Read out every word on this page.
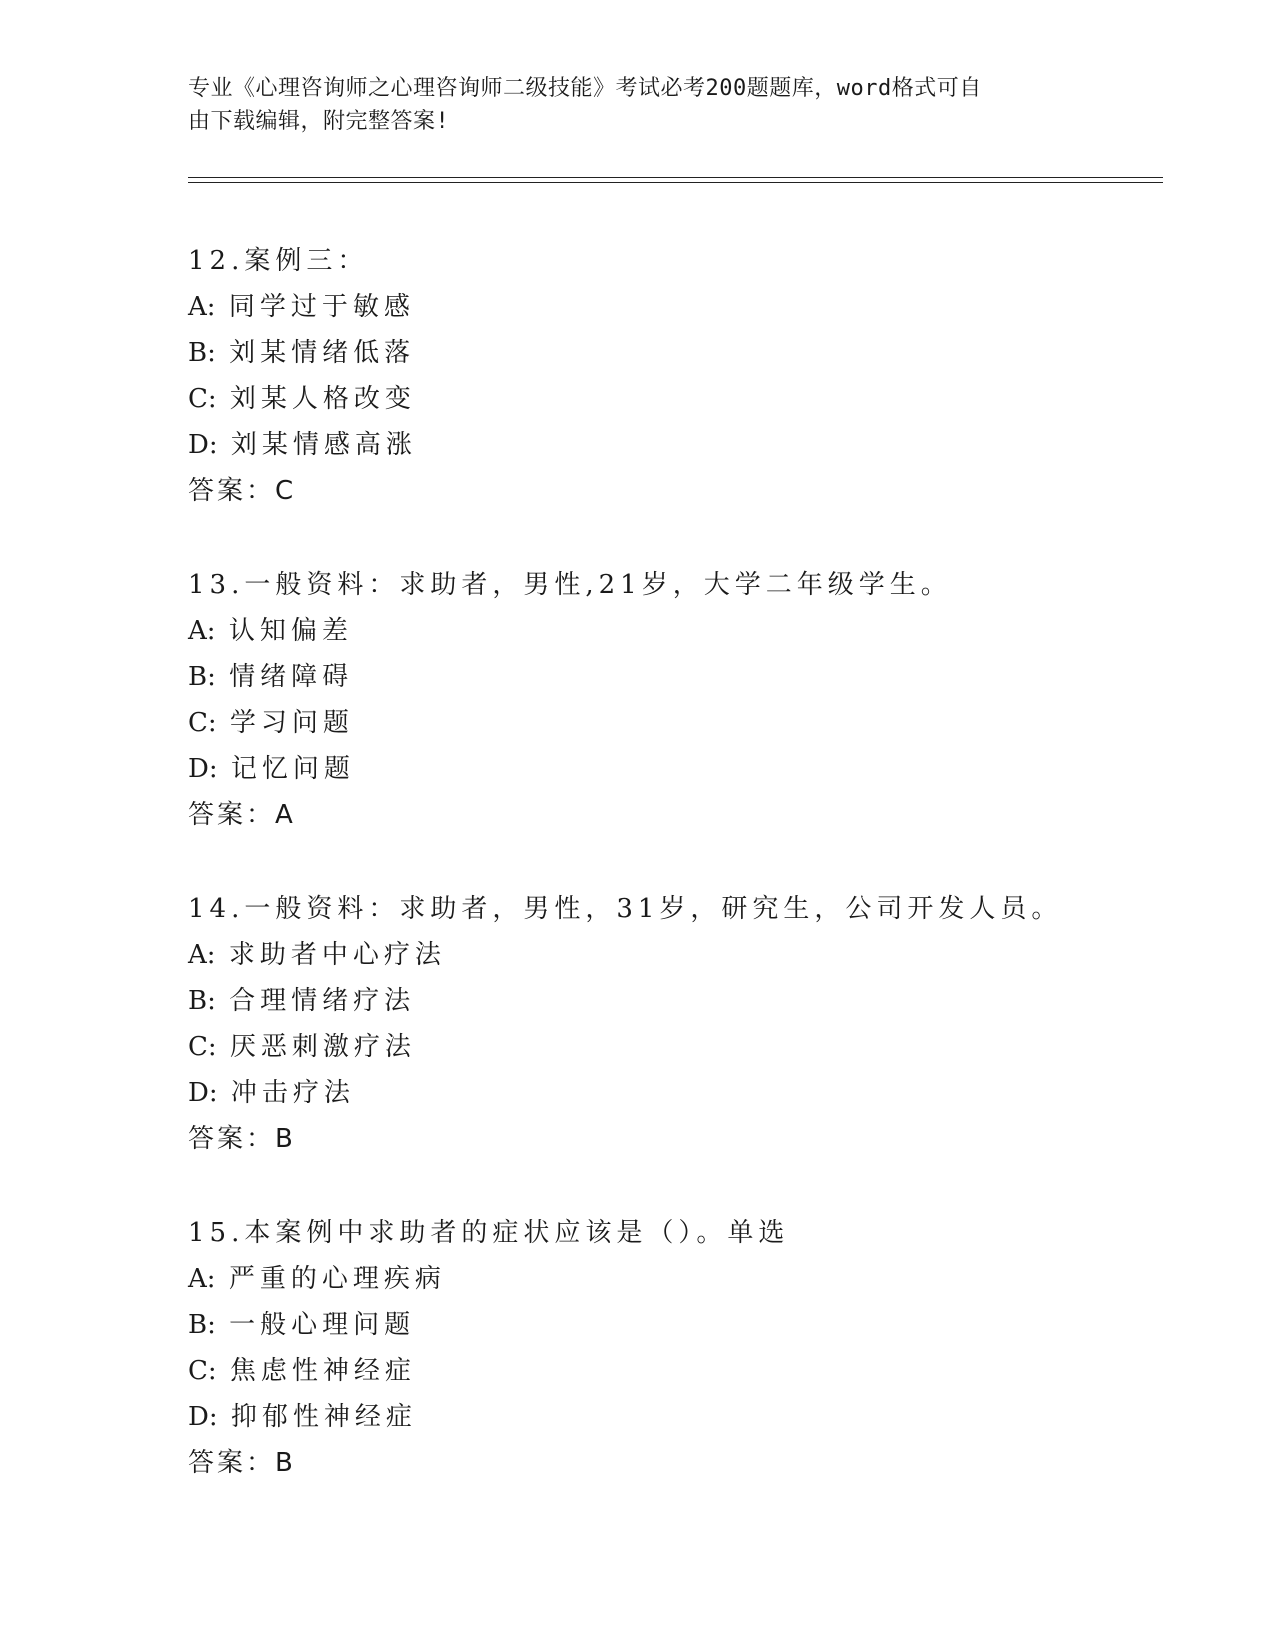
专业《心理咨询师之心理咨询师二级技能》考试必考200题题库，word格式可自
由下载编辑，附完整答案!
12.案例三：
A: 同学过于敏感
B: 刘某情绪低落
C: 刘某人格改变
D: 刘某情感高涨
答案：C
13.一般资料：求助者，男性,21岁，大学二年级学生。
A: 认知偏差
B: 情绪障碍
C: 学习问题
D: 记忆问题
答案：A
14.一般资料：求助者，男性，31岁，研究生，公司开发人员。
A: 求助者中心疗法
B: 合理情绪疗法
C: 厌恶刺激疗法
D: 冲击疗法
答案：B
15.本案例中求助者的症状应该是（）。单选
A: 严重的心理疾病
B: 一般心理问题
C: 焦虑性神经症
D: 抑郁性神经症
答案：B
